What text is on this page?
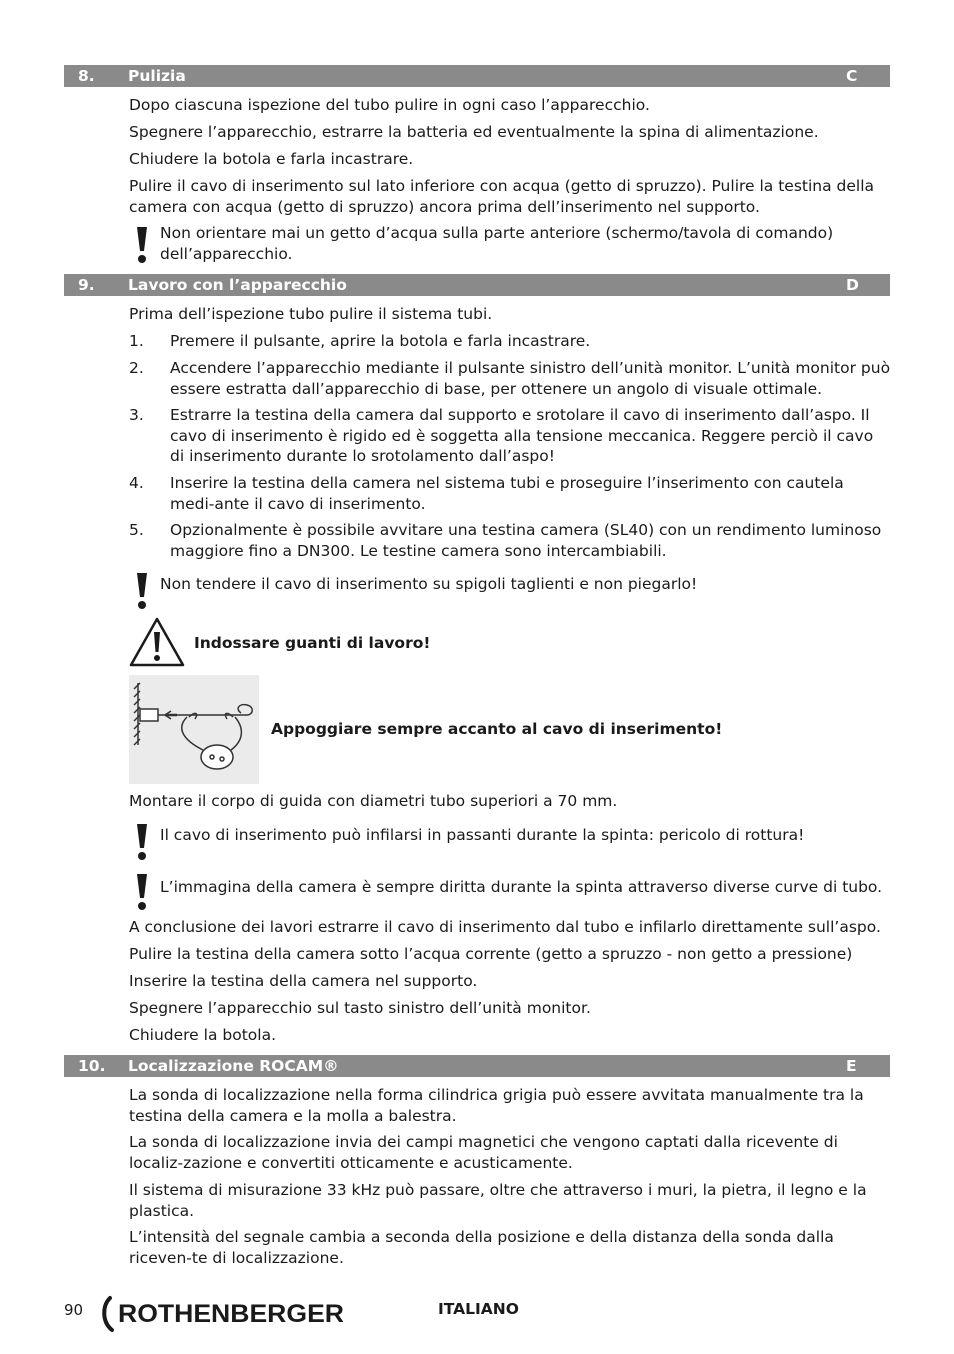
8. Pulizia	C

Dopo ciascuna ispezione del tubo pulire in ogni caso l’apparecchio.

Spegnere l’apparecchio, estrarre la batteria ed eventualmente la spina di alimentazione.

Chiudere la botola e farla incastrare.

Pulire il cavo di inserimento sul lato inferiore con acqua (getto di spruzzo). Pulire la testina della camera con acqua (getto di spruzzo) ancora prima dell’inserimento nel supporto.

Non orientare mai un getto d’acqua sulla parte anteriore (schermo/tavola di comando) dell’apparecchio.
9. Lavoro con l’apparecchio	D

Prima dell’ispezione tubo pulire il sistema tubi.

1. Premere il pulsante, aprire la botola e farla incastrare.
2. Accendere l’apparecchio mediante il pulsante sinistro dell’unità monitor. L’unità monitor può essere estratta dall’apparecchio di base, per ottenere un angolo di visuale ottimale.
3. Estrarre la testina della camera dal supporto e srotolare il cavo di inserimento dall’aspo. Il cavo di inserimento è rigido ed è soggetta alla tensione meccanica. Reggere perciò il cavo di inserimento durante lo srotolamento dall’aspo!
4. Inserire la testina della camera nel sistema tubi e proseguire l’inserimento con cautela medi-ante il cavo di inserimento.
5. Opzionalmente è possibile avvitare una testina camera (SL40) con un rendimento luminoso maggiore fino a DN300. Le testine camera sono intercambiabili.
Non tendere il cavo di inserimento su spigoli taglienti e non piegarlo!
Indossare guanti di lavoro!
Appoggiare sempre accanto al cavo di inserimento!

Montare il corpo di guida con diametri tubo superiori a 70 mm.

Il cavo di inserimento può infilarsi in passanti durante la spinta: pericolo di rottura!
L’immagina della camera è sempre diritta durante la spinta attraverso diverse curve di tubo.

A conclusione dei lavori estrarre il cavo di inserimento dal tubo e infilarlo direttamente sull’aspo.

Pulire la testina della camera sotto l’acqua corrente (getto a spruzzo - non getto a pressione)

Inserire la testina della camera nel supporto.

Spegnere l’apparecchio sul tasto sinistro dell’unità monitor.

Chiudere la botola.

10. Localizzazione ROCAM®	E

La sonda di localizzazione nella forma cilindrica grigia può essere avvitata manualmente tra la testina della camera e la molla a balestra.

La sonda di localizzazione invia dei campi magnetici che vengono captati dalla ricevente di localiz-zazione e convertiti otticamente e acusticamente.

Il sistema di misurazione 33 kHz può passare, oltre che attraverso i muri, la pietra, il legno e la plastica.

L’intensità del segnale cambia a seconda della posizione e della distanza della sonda dalla riceven-te di localizzazione.

90 ROTHENBERGER	ITALIANO
